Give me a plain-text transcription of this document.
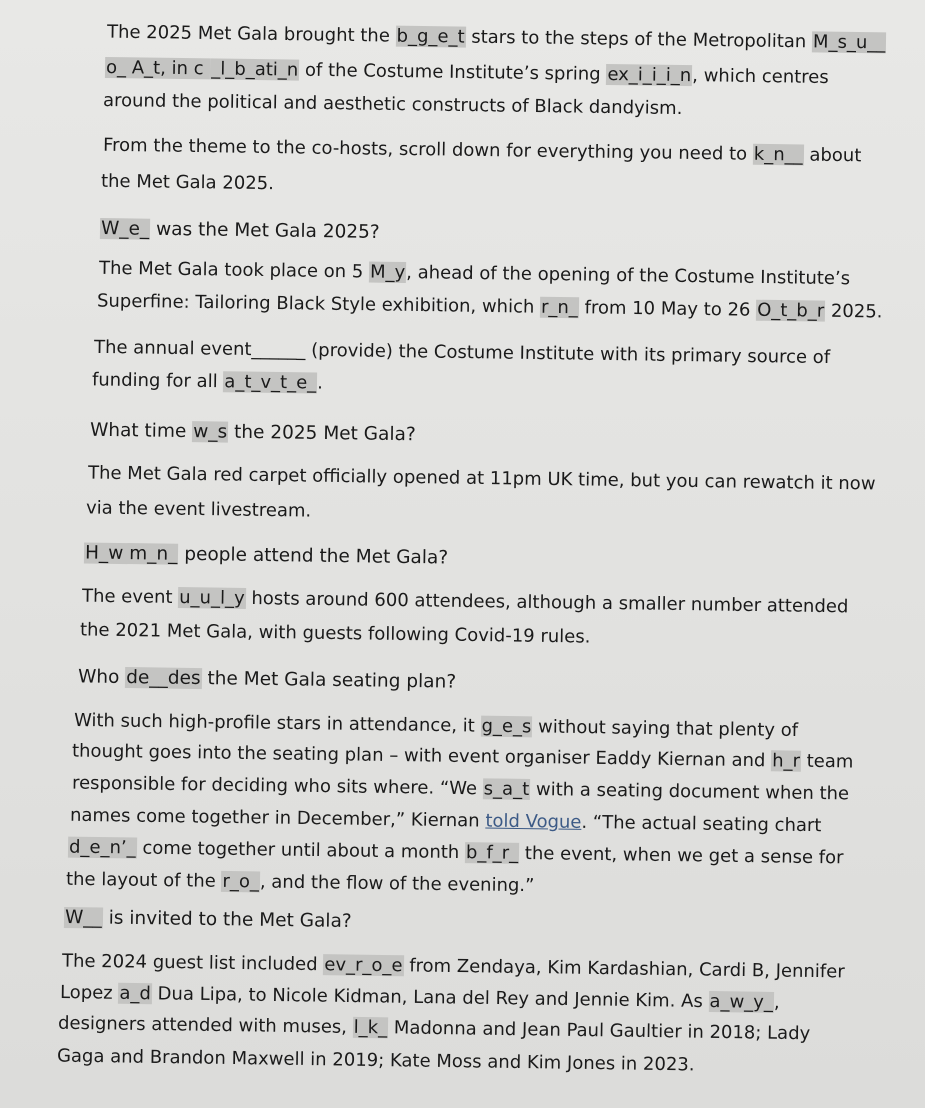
The 2025 Met Gala brought the b_g_e_t stars to the steps of the Metropolitan M_s_u__
o_ A_t, in c _l_b_ati_n of the Costume Institute’s spring ex_i_i_i_n, which centres
around the political and aesthetic constructs of Black dandyism.
From the theme to the co-hosts, scroll down for everything you need to k_n__ about
the Met Gala 2025.
W_e_ was the Met Gala 2025?
The Met Gala took place on 5 M_y, ahead of the opening of the Costume Institute’s
Superfine: Tailoring Black Style exhibition, which r_n_ from 10 May to 26 O_t_b_r 2025.
The annual event______ (provide) the Costume Institute with its primary source of
funding for all a_t_v_t_e_.
What time w_s the 2025 Met Gala?
The Met Gala red carpet officially opened at 11pm UK time, but you can rewatch it now
via the event livestream.
H_w m_n_ people attend the Met Gala?
The event u_u_l_y hosts around 600 attendees, although a smaller number attended
the 2021 Met Gala, with guests following Covid-19 rules.
Who de__des the Met Gala seating plan?
With such high-profile stars in attendance, it g_e_s without saying that plenty of
thought goes into the seating plan – with event organiser Eaddy Kiernan and h_r team
responsible for deciding who sits where. “We s_a_t with a seating document when the
names come together in December,” Kiernan told Vogue. “The actual seating chart
d_e_n’_ come together until about a month b_f_r_ the event, when we get a sense for
the layout of the r_o_, and the flow of the evening.”
W__ is invited to the Met Gala?
The 2024 guest list included ev_r_o_e from Zendaya, Kim Kardashian, Cardi B, Jennifer
Lopez a_d Dua Lipa, to Nicole Kidman, Lana del Rey and Jennie Kim. As a_w_y_,
designers attended with muses, l_k_ Madonna and Jean Paul Gaultier in 2018; Lady
Gaga and Brandon Maxwell in 2019; Kate Moss and Kim Jones in 2023.
